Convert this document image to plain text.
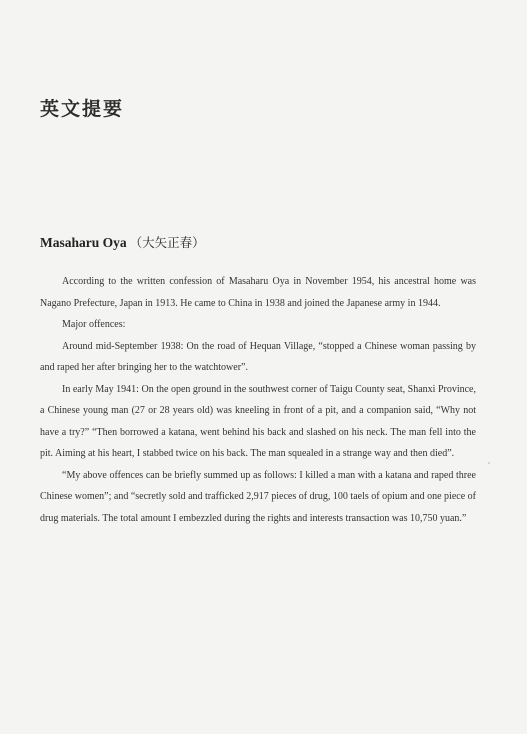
英文提要
Masaharu Oya （大矢正春）

According to the written confession of Masaharu Oya in November 1954, his ancestral home was Nagano Prefecture, Japan in 1913. He came to China in 1938 and joined the Japanese army in 1944.

Major offences:

Around mid-September 1938: On the road of Hequan Village, “stopped a Chinese woman passing by and raped her after bringing her to the watchtower”.

In early May 1941: On the open ground in the southwest corner of Taigu County seat, Shanxi Province, a Chinese young man (27 or 28 years old) was kneeling in front of a pit, and a companion said, “Why not have a try?” “Then borrowed a katana, went behind his back and slashed on his neck. The man fell into the pit. Aiming at his heart, I stabbed twice on his back. The man squealed in a strange way and then died”.

“My above offences can be briefly summed up as follows: I killed a man with a katana and raped three Chinese women”; and “secretly sold and trafficked 2,917 pieces of drug, 100 taels of opium and one piece of drug materials. The total amount I embezzled during the rights and interests transaction was 10,750 yuan.”
